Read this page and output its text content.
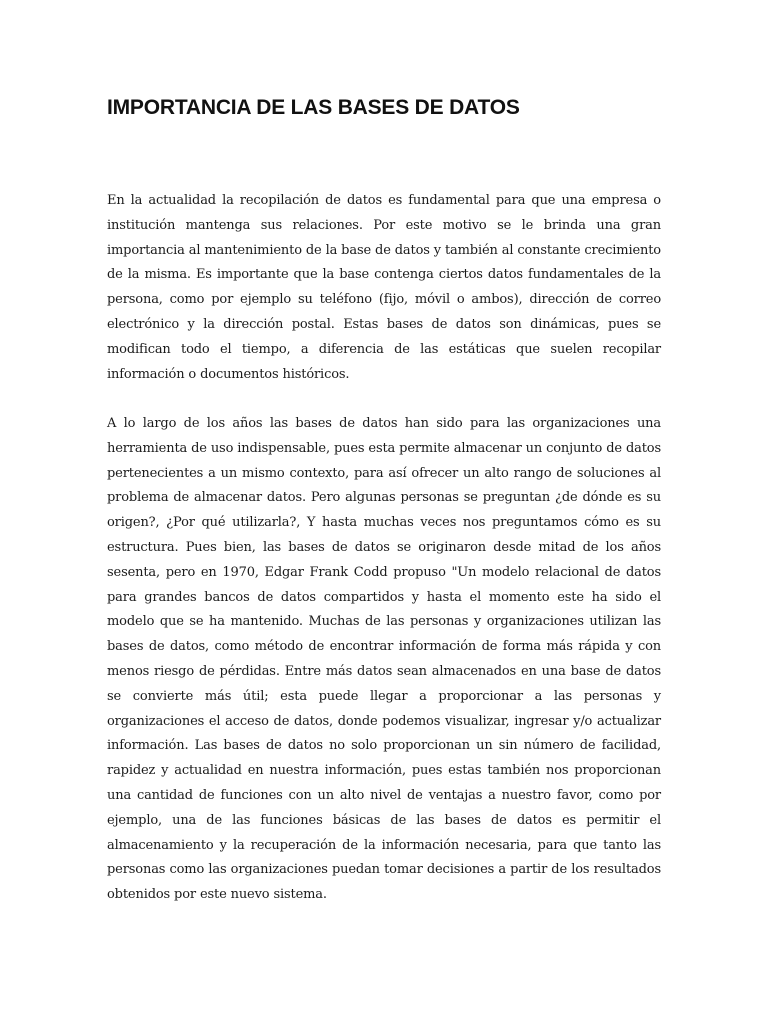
IMPORTANCIA DE LAS BASES DE DATOS

En la actualidad la recopilación de datos es fundamental para que una empresa o institución mantenga sus relaciones. Por este motivo se le brinda una gran importancia al mantenimiento de la base de datos y también al constante crecimiento de la misma. Es importante que la base contenga ciertos datos fundamentales de la persona, como por ejemplo su teléfono (fijo, móvil o ambos), dirección de correo electrónico y la dirección postal. Estas bases de datos son dinámicas, pues se modifican todo el tiempo, a diferencia de las estáticas que suelen recopilar información o documentos históricos.

A lo largo de los años las bases de datos han sido para las organizaciones una herramienta de uso indispensable, pues esta permite almacenar un conjunto de datos pertenecientes a un mismo contexto, para así ofrecer un alto rango de soluciones al problema de almacenar datos. Pero algunas personas se preguntan ¿de dónde es su origen?, ¿Por qué utilizarla?, Y hasta muchas veces nos preguntamos cómo es su estructura. Pues bien, las bases de datos se originaron desde mitad de los años sesenta, pero en 1970, Edgar Frank Codd propuso "Un modelo relacional de datos para grandes bancos de datos compartidos y hasta el momento este ha sido el modelo que se ha mantenido. Muchas de las personas y organizaciones utilizan las bases de datos, como método de encontrar información de forma más rápida y con menos riesgo de pérdidas. Entre más datos sean almacenados en una base de datos se convierte más útil; esta puede llegar a proporcionar a las personas y organizaciones el acceso de datos, donde podemos visualizar, ingresar y/o actualizar información. Las bases de datos no solo proporcionan un sin número de facilidad, rapidez y actualidad en nuestra información, pues estas también nos proporcionan una cantidad de funciones con un alto nivel de ventajas a nuestro favor, como por ejemplo, una de las funciones básicas de las bases de datos es permitir el almacenamiento y la recuperación de la información necesaria, para que tanto las personas como las organizaciones puedan tomar decisiones a partir de los resultados obtenidos por este nuevo sistema.
